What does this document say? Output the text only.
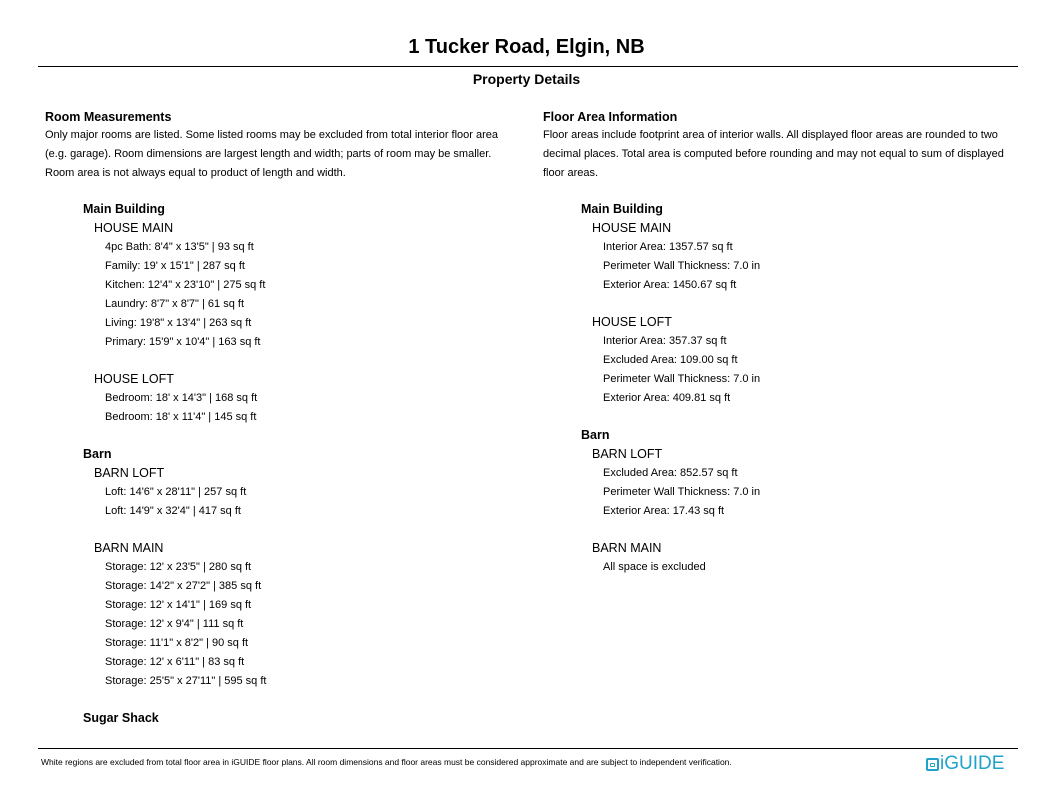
1 Tucker Road, Elgin, NB
Property Details
Room Measurements
Only major rooms are listed. Some listed rooms may be excluded from total interior floor area
(e.g. garage). Room dimensions are largest length and width; parts of room may be smaller.
Room area is not always equal to product of length and width.
Main Building
HOUSE MAIN
4pc Bath: 8'4" x 13'5" | 93 sq ft
Family: 19' x 15'1" | 287 sq ft
Kitchen: 12'4" x 23'10" | 275 sq ft
Laundry: 8'7" x 8'7" | 61 sq ft
Living: 19'8" x 13'4" | 263 sq ft
Primary: 15'9" x 10'4" | 163 sq ft
HOUSE LOFT
Bedroom: 18' x 14'3" | 168 sq ft
Bedroom: 18' x 11'4" | 145 sq ft
Barn
BARN LOFT
Loft: 14'6" x 28'11" | 257 sq ft
Loft: 14'9" x 32'4" | 417 sq ft
BARN MAIN
Storage: 12' x 23'5" | 280 sq ft
Storage: 14'2" x 27'2" | 385 sq ft
Storage: 12' x 14'1" | 169 sq ft
Storage: 12' x 9'4" | 111 sq ft
Storage: 11'1" x 8'2" | 90 sq ft
Storage: 12' x 6'11" | 83 sq ft
Storage: 25'5" x 27'11" | 595 sq ft
Sugar Shack
Floor Area Information
Floor areas include footprint area of interior walls. All displayed floor areas are rounded to two
decimal places. Total area is computed before rounding and may not equal to sum of displayed
floor areas.
Main Building
HOUSE MAIN
Interior Area: 1357.57 sq ft
Perimeter Wall Thickness: 7.0 in
Exterior Area: 1450.67 sq ft
HOUSE LOFT
Interior Area: 357.37 sq ft
Excluded Area: 109.00 sq ft
Perimeter Wall Thickness: 7.0 in
Exterior Area: 409.81 sq ft
Barn
BARN LOFT
Excluded Area: 852.57 sq ft
Perimeter Wall Thickness: 7.0 in
Exterior Area: 17.43 sq ft
BARN MAIN
All space is excluded
White regions are excluded from total floor area in iGUIDE floor plans. All room dimensions and floor areas must be considered approximate and are subject to independent verification.	iGUIDE
